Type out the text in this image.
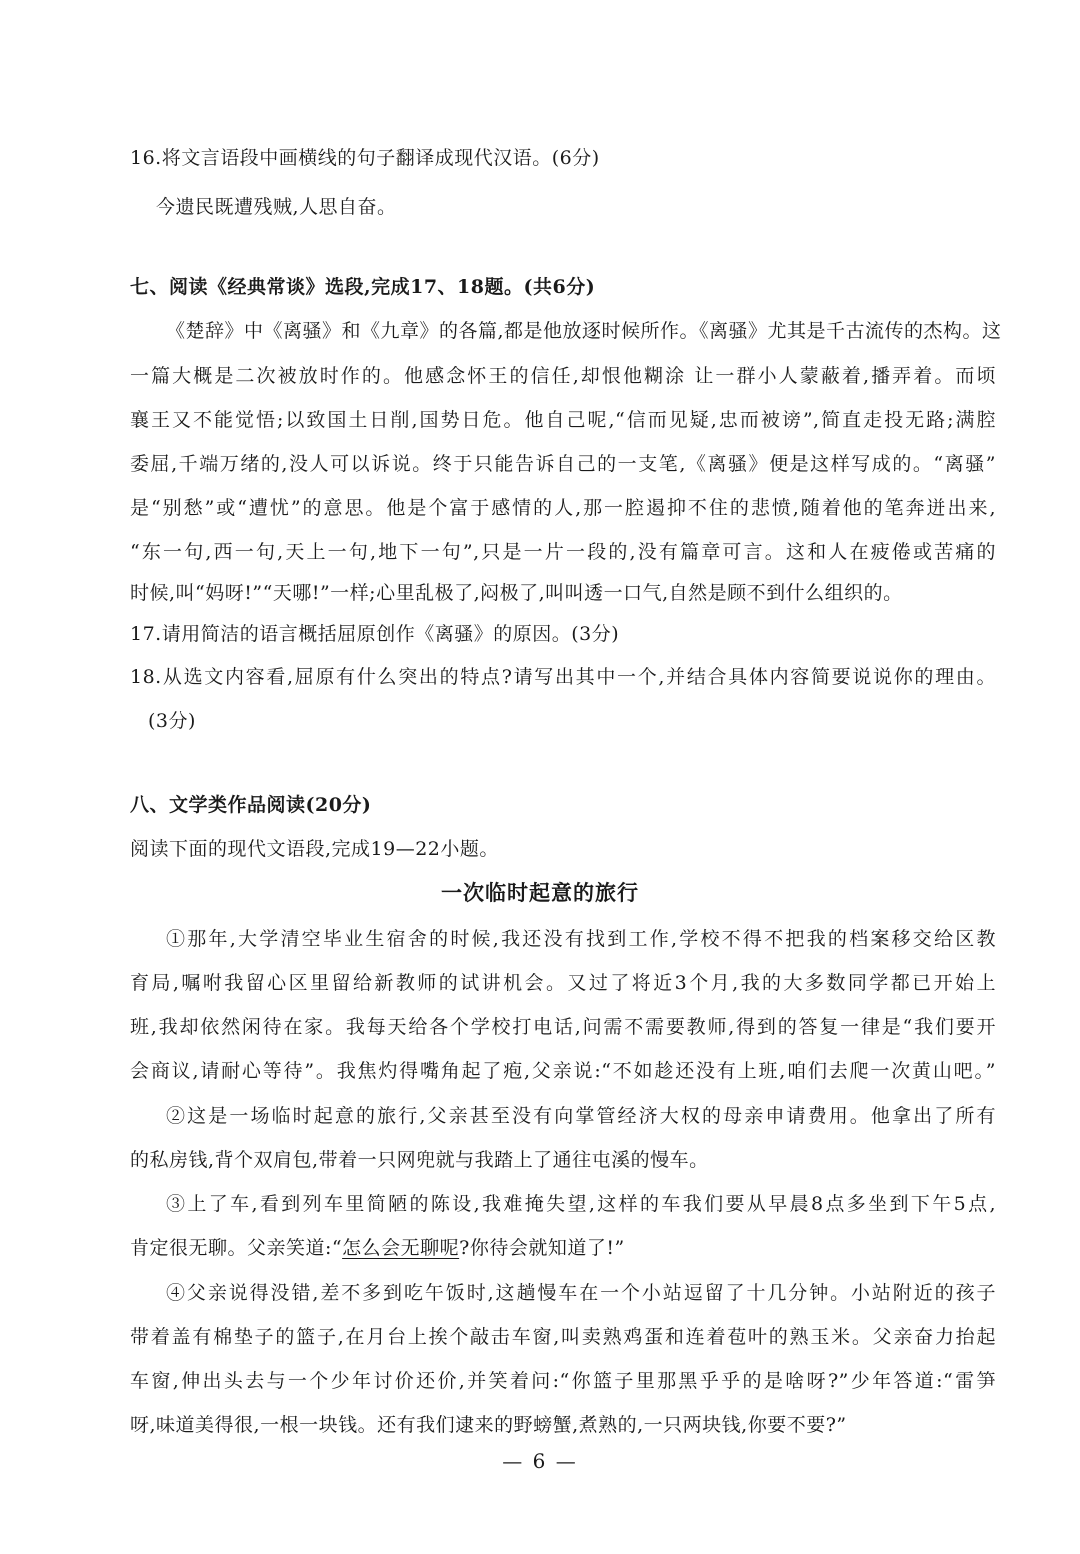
16.将文言语段中画横线的句子翻译成现代汉语。(6分)

今遗民既遭残贼,人思自奋。

七、阅读《经典常谈》选段,完成17、18题。(共6分)

《楚辞》中《离骚》和《九章》的各篇,都是他放逐时候所作。《离骚》尤其是千古流传的杰构。这

一篇大概是二次被放时作的。他感念怀王的信任,却恨他糊涂 让一群小人蒙蔽着,播弄着。而顷

襄王又不能觉悟;以致国土日削,国势日危。他自己呢,“信而见疑,忠而被谤”,简直走投无路;满腔

委屈,千端万绪的,没人可以诉说。终于只能告诉自己的一支笔,《离骚》便是这样写成的。“离骚”

是“别愁”或“遭忧”的意思。他是个富于感情的人,那一腔遏抑不住的悲愤,随着他的笔奔迸出来,

“东一句,西一句,天上一句,地下一句”,只是一片一段的,没有篇章可言。这和人在疲倦或苦痛的

时候,叫“妈呀!”“天哪!”一样;心里乱极了,闷极了,叫叫透一口气,自然是顾不到什么组织的。

17.请用简洁的语言概括屈原创作《离骚》的原因。(3分)

18.从选文内容看,屈原有什么突出的特点?请写出其中一个,并结合具体内容简要说说你的理由。

(3分)

八、文学类作品阅读(20分)

阅读下面的现代文语段,完成19—22小题。

一次临时起意的旅行

①那年,大学清空毕业生宿舍的时候,我还没有找到工作,学校不得不把我的档案移交给区教

育局,嘱咐我留心区里留给新教师的试讲机会。又过了将近3个月,我的大多数同学都已开始上

班,我却依然闲待在家。我每天给各个学校打电话,问需不需要教师,得到的答复一律是“我们要开

会商议,请耐心等待”。我焦灼得嘴角起了疱,父亲说:“不如趁还没有上班,咱们去爬一次黄山吧。”

②这是一场临时起意的旅行,父亲甚至没有向掌管经济大权的母亲申请费用。他拿出了所有

的私房钱,背个双肩包,带着一只网兜就与我踏上了通往屯溪的慢车。

③上了车,看到列车里简陋的陈设,我难掩失望,这样的车我们要从早晨8点多坐到下午5点,

肯定很无聊。父亲笑道:“怎么会无聊呢?你待会就知道了!”

④父亲说得没错,差不多到吃午饭时,这趟慢车在一个小站逗留了十几分钟。小站附近的孩子

带着盖有棉垫子的篮子,在月台上挨个敲击车窗,叫卖熟鸡蛋和连着苞叶的熟玉米。父亲奋力抬起

车窗,伸出头去与一个少年讨价还价,并笑着问:“你篮子里那黑乎乎的是啥呀?”少年答道:“雷笋

呀,味道美得很,一根一块钱。还有我们逮来的野螃蟹,煮熟的,一只两块钱,你要不要?”

— 6 —
